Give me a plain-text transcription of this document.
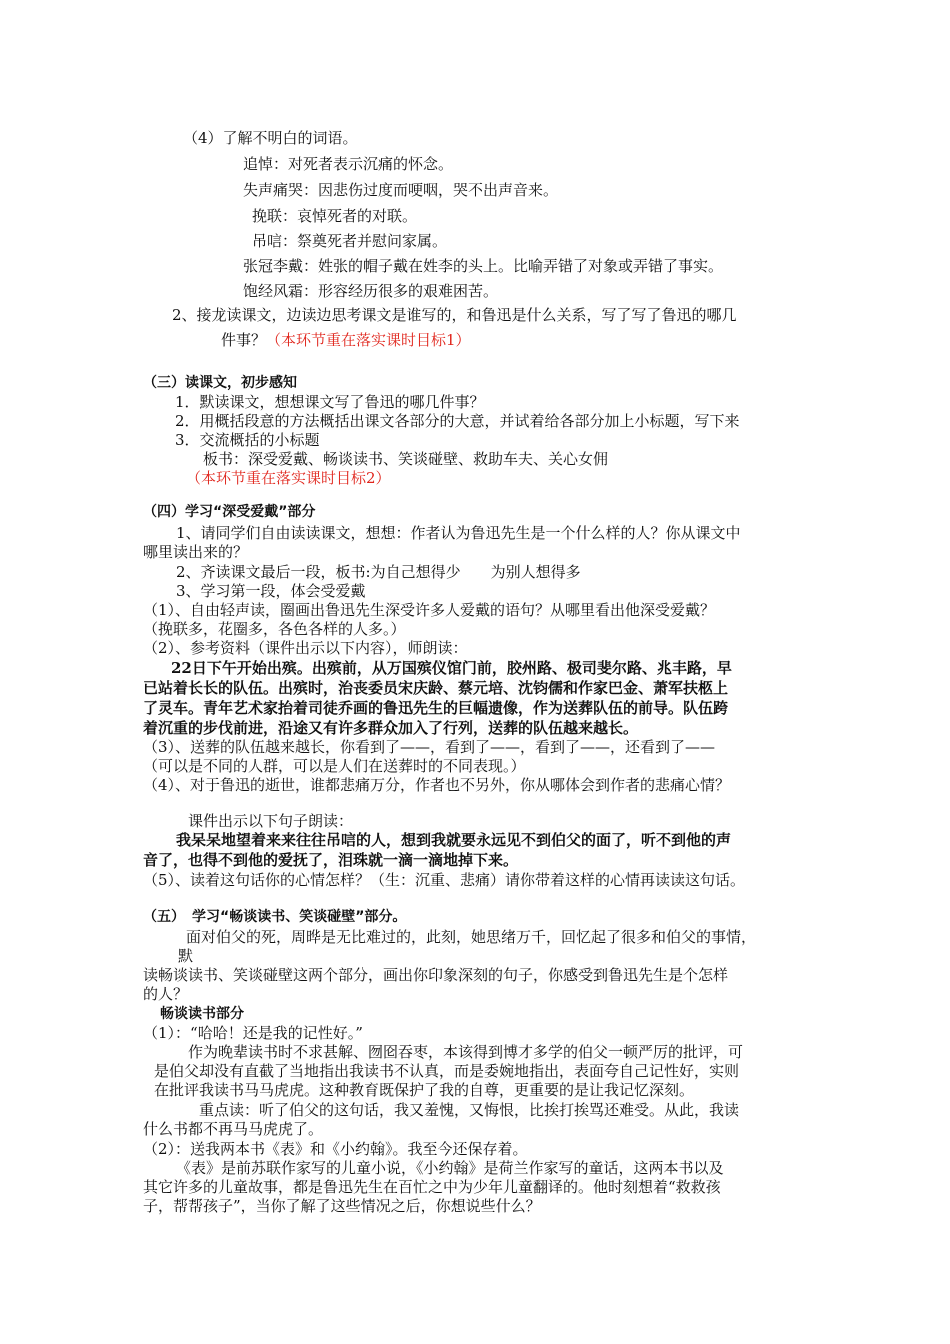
（4）了解不明白的词语。
追悼：对死者表示沉痛的怀念。
失声痛哭：因悲伤过度而哽咽，哭不出声音来。
挽联：哀悼死者的对联。
吊唁：祭奠死者并慰问家属。
张冠李戴：姓张的帽子戴在姓李的头上。比喻弄错了对象或弄错了事实。
饱经风霜：形容经历很多的艰难困苦。
2、接龙读课文，边读边思考课文是谁写的，和鲁迅是什么关系，写了写了鲁迅的哪几
件事？（本环节重在落实课时目标1）
（三）读课文，初步感知
1．默读课文，想想课文写了鲁迅的哪几件事？
2．用概括段意的方法概括出课文各部分的大意，并试着给各部分加上小标题，写下来
3．交流概括的小标题
板书：深受爱戴、畅谈读书、笑谈碰壁、救助车夫、关心女佣
（本环节重在落实课时目标2）
（四）学习“深受爱戴”部分
1、请同学们自由读读课文，想想：作者认为鲁迅先生是一个什么样的人？你从课文中
哪里读出来的？
2、齐读课文最后一段，板书:为自己想得少　　为别人想得多
3、学习第一段，体会受爱戴
（1）、自由轻声读，圈画出鲁迅先生深受许多人爱戴的语句？从哪里看出他深受爱戴？
（挽联多，花圈多，各色各样的人多。）
（2）、参考资料（课件出示以下内容），师朗读：
22日下午开始出殡。出殡前，从万国殡仪馆门前，胶州路、极司斐尔路、兆丰路，早
已站着长长的队伍。出殡时，治丧委员宋庆龄、蔡元培、沈钧儒和作家巴金、萧军扶柩上
了灵车。青年艺术家抬着司徒乔画的鲁迅先生的巨幅遗像，作为送葬队伍的前导。队伍跨
着沉重的步伐前进，沿途又有许多群众加入了行列，送葬的队伍越来越长。
（3）、送葬的队伍越来越长，你看到了——，看到了——，看到了——，还看到了——
（可以是不同的人群，可以是人们在送葬时的不同表现。）
（4）、对于鲁迅的逝世，谁都悲痛万分，作者也不另外，你从哪体会到作者的悲痛心情？
课件出示以下句子朗读：
我呆呆地望着来来往往吊唁的人，想到我就要永远见不到伯父的面了，听不到他的声
音了，也得不到他的爱抚了，泪珠就一滴一滴地掉下来。
（5）、读着这句话你的心情怎样？（生：沉重、悲痛）请你带着这样的心情再读读这句话。
（五）　学习“畅谈读书、笑谈碰壁”部分。
面对伯父的死，周晔是无比难过的，此刻，她思绪万千，回忆起了很多和伯父的事情，
默
读畅谈读书、笑谈碰壁这两个部分，画出你印象深刻的句子，你感受到鲁迅先生是个怎样
的人？
畅谈读书部分
（1）：“哈哈！还是我的记性好。”
作为晚辈读书时不求甚解、囫囵吞枣，本该得到博才多学的伯父一顿严厉的批评，可
是伯父却没有直截了当地指出我读书不认真，而是委婉地指出，表面夸自己记性好，实则
在批评我读书马马虎虎。这种教育既保护了我的自尊，更重要的是让我记忆深刻。
重点读：听了伯父的这句话，我又羞愧，又悔恨，比挨打挨骂还难受。从此，我读
什么书都不再马马虎虎了。
（2）：送我两本书《表》和《小约翰》。我至今还保存着。
《表》是前苏联作家写的儿童小说，《小约翰》是荷兰作家写的童话，这两本书以及
其它许多的儿童故事，都是鲁迅先生在百忙之中为少年儿童翻译的。他时刻想着“救救孩
子，帮帮孩子”，当你了解了这些情况之后，你想说些什么？
